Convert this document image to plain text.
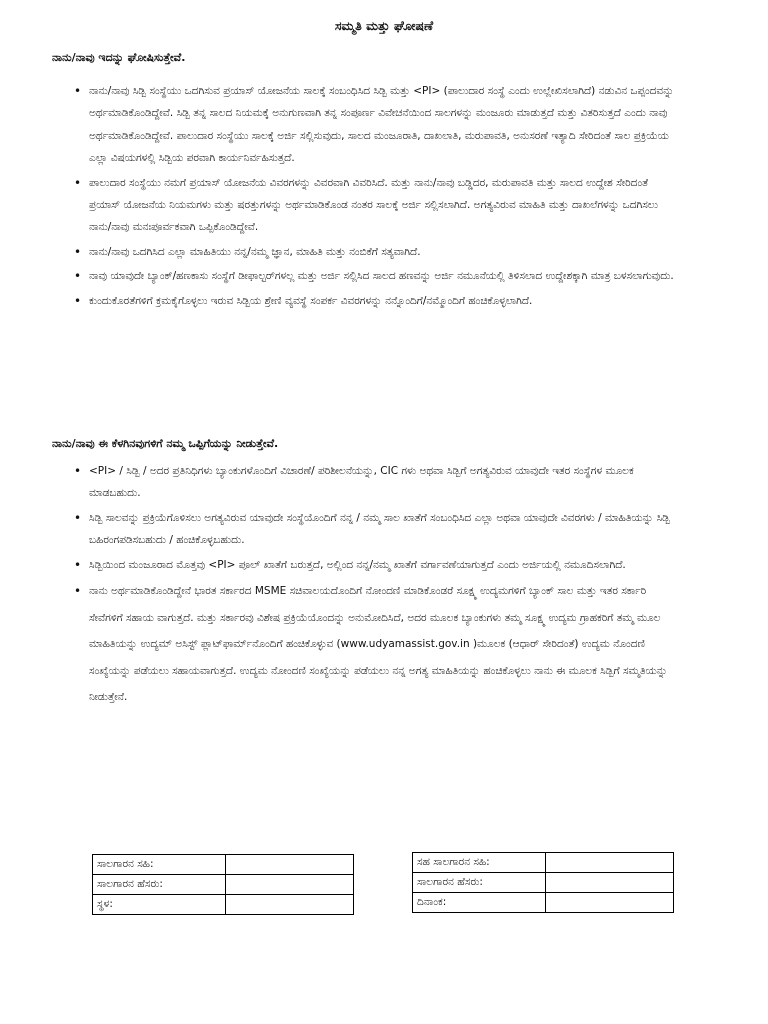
ಸಮ್ಮತಿ ಮತ್ತು ಘೋಷಣೆ
ನಾನು/ನಾವು ಇದನ್ನು ಘೋಷಿಸುತ್ತೇವೆ.
• ನಾನು/ನಾವು ಸಿಡ್ಬಿ ಸಂಸ್ಥೆಯು ಒದಗಿಸುವ ಪ್ರಯಾಸ್ ಯೋಜನೆಯ ಸಾಲಕ್ಕೆ ಸಂಬಂಧಿಸಿದ ಸಿಡ್ಬಿ ಮತ್ತು <PI> (ಪಾಲುದಾರ ಸಂಸ್ಥೆ ಎಂದು ಉಲ್ಲೇಖಿಸಲಾಗಿದೆ) ನಡುವಿನ ಒಪ್ಪಂದವನ್ನು ಅರ್ಥಮಾಡಿಕೊಂಡಿದ್ದೇವೆ. ಸಿಡ್ಬಿ ತನ್ನ ಸಾಲದ ನಿಯಮಕ್ಕೆ ಅನುಗುಣವಾಗಿ ತನ್ನ ಸಂಪೂರ್ಣ ವಿವೇಚನೆಯಿಂದ ಸಾಲಗಳನ್ನು ಮಂಜೂರು ಮಾಡುತ್ತದೆ ಮತ್ತು ವಿತರಿಸುತ್ತದೆ ಎಂದು ನಾವು ಅರ್ಥಮಾಡಿಕೊಂಡಿದ್ದೇವೆ. ಪಾಲುದಾರ ಸಂಸ್ಥೆಯು ಸಾಲಕ್ಕೆ ಅರ್ಜಿ ಸಲ್ಲಿಸುವುದು, ಸಾಲದ ಮಂಜೂರಾತಿ, ದಾಖಲಾತಿ, ಮರುಪಾವತಿ, ಅನುಸರಣೆ ಇತ್ಯಾದಿ ಸೇರಿದಂತೆ ಸಾಲ ಪ್ರಕ್ರಿಯೆಯ ಎಲ್ಲಾ ವಿಷಯಗಳಲ್ಲಿ ಸಿಡ್ಬಿಯ ಪರವಾಗಿ ಕಾರ್ಯನಿರ್ವಹಿಸುತ್ತದೆ.
• ಪಾಲುದಾರ ಸಂಸ್ಥೆಯು ನಮಗೆ ಪ್ರಯಾಸ್ ಯೋಜನೆಯ ವಿವರಗಳನ್ನು ವಿವರವಾಗಿ ವಿವರಿಸಿದೆ. ಮತ್ತು ನಾನು/ನಾವು ಬಡ್ಡಿದರ, ಮರುಪಾವತಿ ಮತ್ತು ಸಾಲದ ಉದ್ದೇಶ ಸೇರಿದಂತೆ ಪ್ರಯಾಸ್ ಯೋಜನೆಯ ನಿಯಮಗಳು ಮತ್ತು ಷರತ್ತುಗಳನ್ನು ಅರ್ಥಮಾಡಿಕೊಂಡ ನಂತರ ಸಾಲಕ್ಕೆ ಅರ್ಜಿ ಸಲ್ಲಿಸಲಾಗಿದೆ. ಅಗತ್ಯವಿರುವ ಮಾಹಿತಿ ಮತ್ತು ದಾಖಲೆಗಳನ್ನು ಒದಗಿಸಲು ನಾನು/ನಾವು ಮನಃಪೂರ್ವಕವಾಗಿ ಒಪ್ಪಿಕೊಂಡಿದ್ದೇವೆ.
• ನಾನು/ನಾವು ಒದಗಿಸಿದ ಎಲ್ಲಾ ಮಾಹಿತಿಯು ನನ್ನ/ನಮ್ಮ ಜ್ಞಾನ, ಮಾಹಿತಿ ಮತ್ತು ನಂಬಿಕೆಗೆ ಸತ್ಯವಾಗಿದೆ.
• ನಾವು ಯಾವುದೇ ಬ್ಯಾಂಕ್/ಹಣಕಾಸು ಸಂಸ್ಥೆಗೆ ಡೀಫಾಲ್ಟರ್‌ಗಳಲ್ಲ ಮತ್ತು ಅರ್ಜಿ ಸಲ್ಲಿಸಿದ ಸಾಲದ ಹಣವನ್ನು ಅರ್ಜಿ ನಮೂನೆಯಲ್ಲಿ ತಿಳಿಸಲಾದ ಉದ್ದೇಶಕ್ಕಾಗಿ ಮಾತ್ರ ಬಳಸಲಾಗುವುದು.
• ಕುಂದುಕೊರತೆಗಳಿಗೆ ಕ್ರಮಕೈಗೊಳ್ಳಲು ಇರುವ ಸಿಡ್ಬಿಯ ಶ್ರೇಣಿ ವ್ಯವಸ್ಥೆ ಸಂಪರ್ಕ ವಿವರಗಳನ್ನು ನನ್ನೊಂದಿಗೆ/ನಮ್ಮೊಂದಿಗೆ ಹಂಚಿಕೊಳ್ಳಲಾಗಿದೆ.
ನಾನು/ನಾವು ಈ ಕೆಳಗಿನವುಗಳಿಗೆ ನಮ್ಮ ಒಪ್ಪಿಗೆಯನ್ನು ನೀಡುತ್ತೇವೆ.
• <PI> / ಸಿಡ್ಬಿ / ಅದರ ಪ್ರತಿನಿಧಿಗಳು ಬ್ಯಾಂಕುಗಳೊಂದಿಗೆ ವಿಚಾರಣೆ/ ಪರಿಶೀಲನೆಯನ್ನು, CIC ಗಳು ಅಥವಾ ಸಿಡ್ಬಿಗೆ ಅಗತ್ಯವಿರುವ ಯಾವುದೇ ಇತರ ಸಂಸ್ಥೆಗಳ ಮೂಲಕ ಮಾಡಬಹುದು.
• ಸಿಡ್ಬಿ ಸಾಲವನ್ನು ಪ್ರಕ್ರಿಯೆಗೊಳಿಸಲು ಅಗತ್ಯವಿರುವ ಯಾವುದೇ ಸಂಸ್ಥೆಯೊಂದಿಗೆ ನನ್ನ / ನಮ್ಮ ಸಾಲ ಖಾತೆಗೆ ಸಂಬಂಧಿಸಿದ ಎಲ್ಲಾ ಅಥವಾ ಯಾವುದೇ ವಿವರಗಳು / ಮಾಹಿತಿಯನ್ನು ಸಿಡ್ಬಿ ಬಹಿರಂಗಪಡಿಸಬಹುದು / ಹಂಚಿಕೊಳ್ಳಬಹುದು.
• ಸಿಡ್ಬಿಯಿಂದ ಮಂಜೂರಾದ ಮೊತ್ತವು <PI> ಪೂಲ್ ಖಾತೆಗೆ ಬರುತ್ತದೆ, ಅಲ್ಲಿಂದ ನನ್ನ/ನಮ್ಮ ಖಾತೆಗೆ ವರ್ಗಾವಣೆಯಾಗುತ್ತದೆ ಎಂದು ಅರ್ಜಿಯಲ್ಲಿ ನಮೂದಿಸಲಾಗಿದೆ.
• ನಾನು ಅರ್ಥಮಾಡಿಕೊಂಡಿದ್ದೇನೆ ಭಾರತ ಸರ್ಕಾರದ MSME ಸಚಿವಾಲಯದೊಂದಿಗೆ ನೋಂದಣಿ ಮಾಡಿಕೊಂಡರೆ ಸೂಕ್ಷ್ಮ ಉದ್ಯಮಗಳಿಗೆ ಬ್ಯಾಂಕ್ ಸಾಲ ಮತ್ತು ಇತರ ಸರ್ಕಾರಿ ಸೇವೆಗಳಿಗೆ ಸಹಾಯ ವಾಗುತ್ತದೆ. ಮತ್ತು ಸರ್ಕಾರವು ವಿಶೇಷ ಪ್ರಕ್ರಿಯೆಯೊಂದನ್ನು ಅನುಮೋದಿಸಿದೆ, ಅದರ ಮೂಲಕ ಬ್ಯಾಂಕುಗಳು ತಮ್ಮ ಸೂಕ್ಷ್ಮ ಉದ್ಯಮ ಗ್ರಾಹಕರಿಗೆ ತಮ್ಮ ಮೂಲ ಮಾಹಿತಿಯನ್ನು ಉದ್ಯಮ್ ಅಸಿಸ್ಟ್ ಪ್ಲಾಟ್‌ಫಾರ್ಮ್‌ನೊಂದಿಗೆ ಹಂಚಿಕೊಳ್ಳುವ (www.udyamassist.gov.in )ಮೂಲಕ (ಆಧಾರ್ ಸೇರಿದಂತೆ) ಉದ್ಯಮ ನೊಂದಣಿ ಸಂಖ್ಯೆಯನ್ನು ಪಡೆಯಲು ಸಹಾಯವಾಗುತ್ತದೆ. ಉದ್ಯಮ ನೋಂದಣಿ ಸಂಖ್ಯೆಯನ್ನು ಪಡೆಯಲು ನನ್ನ ಅಗತ್ಯ ಮಾಹಿತಿಯನ್ನು ಹಂಚಿಕೊಳ್ಳಲು ನಾನು ಈ ಮೂಲಕ ಸಿಡ್ಬಿಗೆ ಸಮ್ಮತಿಯನ್ನು ನೀಡುತ್ತೇನೆ.
ಸಾಲಗಾರನ ಸಹಿ:	
ಸಾಲಗಾರನ ಹೆಸರು:	
ಸ್ಥಳ:	
ಸಹ ಸಾಲಗಾರನ ಸಹಿ:	
ಸಾಲಗಾರನ ಹೆಸರು:	
ದಿನಾಂಕ:	
